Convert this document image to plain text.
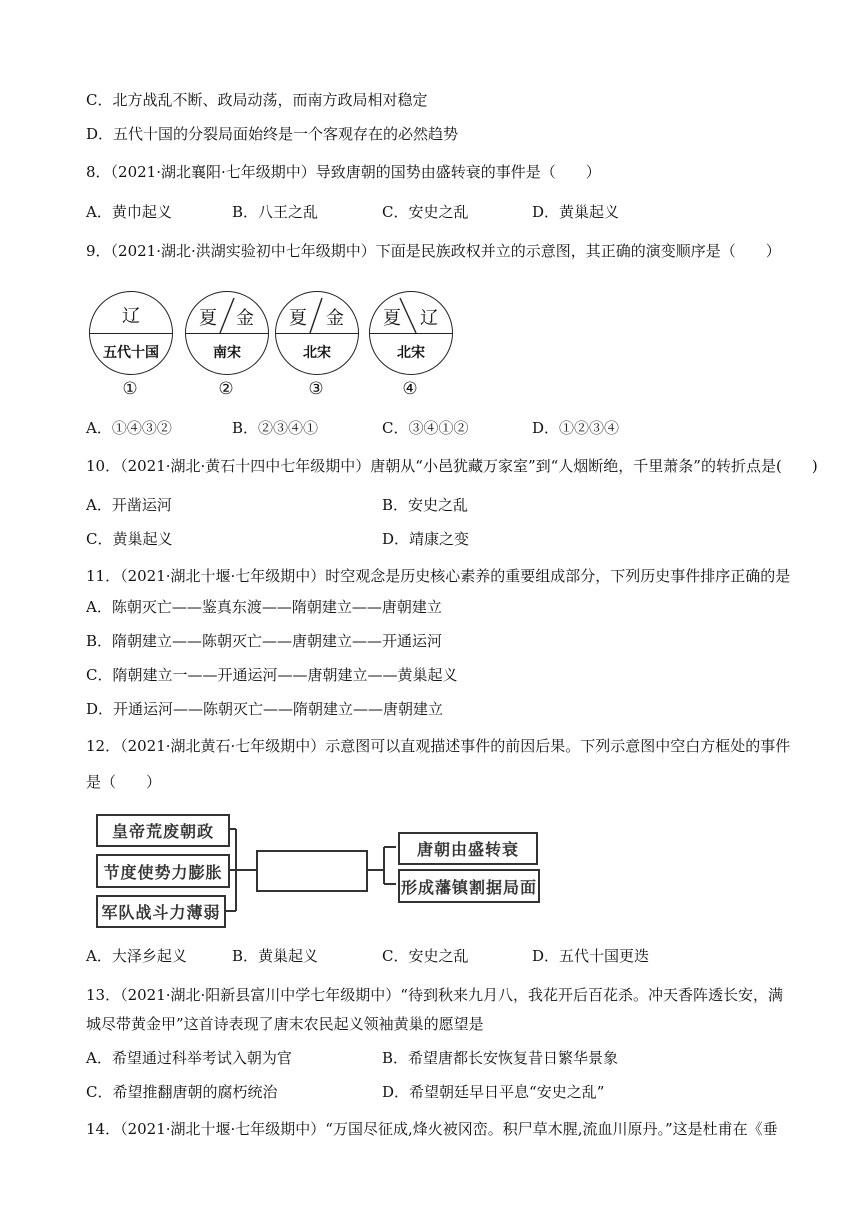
C．北方战乱不断、政局动荡，而南方政局相对稳定
D．五代十国的分裂局面始终是一个客观存在的必然趋势
8．（2021·湖北襄阳·七年级期中）导致唐朝的国势由盛转衰的事件是（　　）
A．黄巾起义	B．八王之乱	C．安史之乱	D．黄巢起义
9．（2021·湖北·洪湖实验初中七年级期中）下面是民族政权并立的示意图，其正确的演变顺序是（　　）
辽
五代十国
①
夏 金
南宋
②
夏 金
北宋
③
夏 辽
北宋
④
A．①④③②	B．②③④①	C．③④①②	D．①②③④
10．（2021·湖北·黄石十四中七年级期中）唐朝从“小邑犹藏万家室”到“人烟断绝，千里萧条”的转折点是(　　)
A．开凿运河	B．安史之乱
C．黄巢起义	D．靖康之变
11．（2021·湖北十堰·七年级期中）时空观念是历史核心素养的重要组成部分，下列历史事件排序正确的是
A．陈朝灭亡——鉴真东渡——隋朝建立——唐朝建立
B．隋朝建立——陈朝灭亡——唐朝建立——开通运河
C．隋朝建立一——开通运河——唐朝建立——黄巢起义
D．开通运河——陈朝灭亡——隋朝建立——唐朝建立
12．（2021·湖北黄石·七年级期中）示意图可以直观描述事件的前因后果。下列示意图中空白方框处的事件
是（　　）
皇帝荒废朝政
节度使势力膨胀
军队战斗力薄弱
唐朝由盛转衰
形成藩镇割据局面
A．大泽乡起义	B．黄巢起义	C．安史之乱	D．五代十国更迭
13．（2021·湖北·阳新县富川中学七年级期中）“待到秋来九月八，我花开后百花杀。冲天香阵透长安，满
城尽带黄金甲”这首诗表现了唐末农民起义领袖黄巢的愿望是
A．希望通过科举考试入朝为官	B．希望唐都长安恢复昔日繁华景象
C．希望推翻唐朝的腐朽统治	D．希望朝廷早日平息“安史之乱”
14．（2021·湖北十堰·七年级期中）“万国尽征成,烽火被冈峦。积尸草木腥,流血川原丹。”这是杜甫在《垂
